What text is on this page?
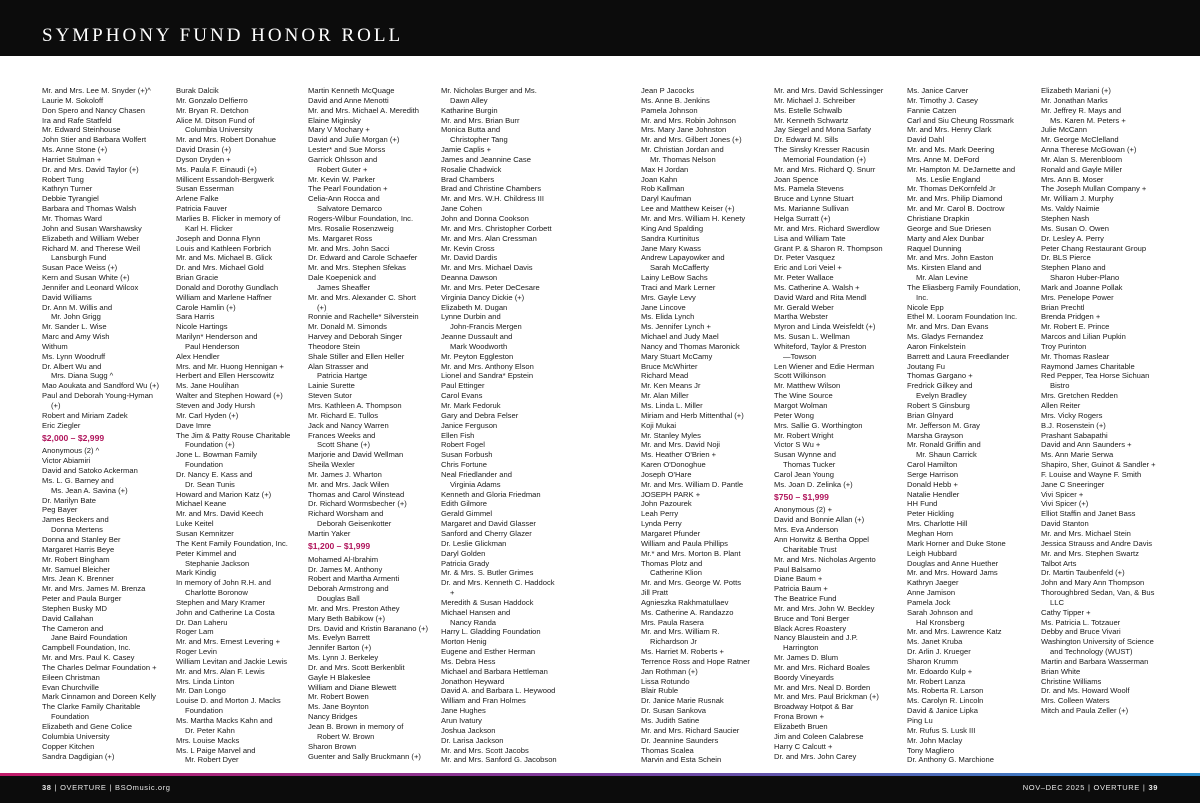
SYMPHONY FUND HONOR ROLL
Mr. and Mrs. Lee M. Snyder (+)^
Laurie M. Sokoloff
Don Spero and Nancy Chasen
Ira and Rafe Statfeld
Mr. Edward Steinhouse
John Stier and Barbara Wolfert
Ms. Anne Stone (+)
Harriet Stulman +
Dr. and Mrs. David Taylor (+)
Robert Tung
Kathryn Turner
Debbie Tyrangiel
Barbara and Thomas Walsh
Mr. Thomas Ward
John and Susan Warshawsky
Elizabeth and William Weber
Richard M. and Therese Weil
Lansburgh Fund
Susan Pace Weiss (+)
Kern and Susan White (+)
Jennifer and Leonard Wilcox
David Williams
Dr. Ann M. Willis and
Mr. John Grigg
Mr. Sander L. Wise
Marc and Amy Wish
Withum
Ms. Lynn Woodruff
Dr. Albert Wu and
Mrs. Diana Sugg ^
Mao Aoukata and Sandford Wu (+)
Paul and Deborah Young-Hyman
(+)
Robert and Miriam Zadek
Eric Ziegler
$2,000 – $2,999
Anonymous (2) ^
Victor Abiamiri
David and Satoko Ackerman
Ms. L. G. Barney and
Ms. Jean A. Savina (+)
Dr. Marilyn Bate
Peg Bayer
James Beckers and
Donna Mertens
Donna and Stanley Ber
Margaret Harris Beye
Mr. Robert Bingham
Mr. Samuel Bleicher
Mrs. Jean K. Brenner
Mr. and Mrs. James M. Brenza
Peter and Paula Burger
Stephen Busky MD
David Callahan
The Cameron and
Jane Baird Foundation
Campbell Foundation, Inc.
Mr. and Mrs. Paul K. Casey
The Charles Delmar Foundation +
Eileen Christman
Evan Churchville
Mark Cinnamon and Doreen Kelly
The Clarke Family Charitable
Foundation
Elizabeth and Gene Colice
Columbia University
Copper Kitchen
Sandra Dagdigian (+)
Burak Dalcik
Mr. Gonzalo Delfierro
Mr. Bryan R. Detchon
Alice M. Ditson Fund of
Columbia University
Mr. and Mrs. Robert Donahue
David Drasin (+)
Dyson Dryden +
Ms. Paula F. Einaudi (+)
Millicent Essandoh-Bergwerk
Susan Esserman
Arlene Falke
Patricia Fauver
Marlies B. Flicker in memory of
Karl H. Flicker
Joseph and Donna Flynn
Louis and Kathleen Forbrich
Mr. and Ms. Michael B. Glick
Dr. and Mrs. Michael Gold
Brian Gracie
Donald and Dorothy Gundlach
William and Marlene Haffner
Carole Hamlin (+)
Sara Harris
Nicole Hartings
Marilyn* Henderson and
Paul Henderson
Alex Hendler
Mrs. and Mr. Huong Hennigan +
Herbert and Ellen Herscowitz
Ms. Jane Houlihan
Walter and Stephen Howard (+)
Steven and Jody Hursh
Mr. Carl Hyden (+)
Dave Imre
The Jim & Patty Rouse Charitable
Foundation (+)
Jone L. Bowman Family
Foundation
Dr. Nancy E. Kass and
Dr. Sean Tunis
Howard and Marion Katz (+)
Michael Keane
Mr. and Mrs. David Keech
Luke Keitel
Susan Kemnitzer
The Kent Family Foundation, Inc.
Peter Kimmel and
Stephanie Jackson
Mark Kindig
In memory of John R.H. and
Charlotte Boronow
Stephen and Mary Kramer
John and Catherine La Costa
Dr. Dan Laheru
Roger Lam
Mr. and Mrs. Ernest Levering +
Roger Levin
William Levitan and Jackie Lewis
Mr. and Mrs. Alan F. Lewis
Mrs. Linda Linton
Mr. Dan Longo
Louise D. and Morton J. Macks
Foundation
Ms. Martha Macks Kahn and
Dr. Peter Kahn
Mrs. Louise Macks
Ms. L Paige Marvel and
Mr. Robert Dyer
Martin Kenneth McQuage
David and Anne Menotti
Mr. and Mrs. Michael A. Meredith
Elaine Miginsky
Mary V Mochary +
David and Julie Morgan (+)
Lester* and Sue Morss
Garrick Ohlsson and
Robert Guter +
Mr. Kevin W. Parker
The Pearl Foundation +
Celia-Ann Rocca and
Salvatore Demarco
Rogers-Wilbur Foundation, Inc.
Mrs. Rosalie Rosenzweig
Ms. Margaret Ross
Mr. and Mrs. John Sacci
Dr. Edward and Carole Schaefer
Mr. and Mrs. Stephen Sfekas
Dale Koepenick and
James Sheaffer
Mr. and Mrs. Alexander C. Short
(+)
Ronnie and Rachelle* Silverstein
Mr. Donald M. Simonds
Harvey and Deborah Singer
Theodore Stein
Shale Stiller and Ellen Heller
Alan Strasser and
Patricia Hartge
Lainie Surette
Steven Sutor
Mrs. Kathleen A. Thompson
Mr. Richard E. Tullos
Jack and Nancy Warren
Frances Weeks and
Scott Shane (+)
Marjorie and David Wellman
Sheila Wexler
Mr. James J. Wharton
Mr. and Mrs. Jack Wilen
Thomas and Carol Winstead
Dr. Richard Wormsbecher (+)
Richard Worsham and
Deborah Geisenkotter
Martin Yaker
$1,200 – $1,999
Mohamed Al-Ibrahim
Dr. James M. Anthony
Robert and Martha Armenti
Deborah Armstrong and
Douglas Ball
Mr. and Mrs. Preston Athey
Mary Beth Babikow (+)
Drs. David and Kristin Baranano (+)
Ms. Evelyn Barrett
Jennifer Barton (+)
Ms. Lynn J. Berkeley
Dr. and Mrs. Scott Berkenblit
Gayle H Blakeslee
William and Diane Blewett
Mr. Robert Bowen
Ms. Jane Boynton
Nancy Bridges
Jean B. Brown in memory of
Robert W. Brown
Sharon Brown
Guenter and Sally Bruckmann (+)
Mr. Nicholas Burger and Ms.
Dawn Alley
Katharine Burgin
Mr. and Mrs. Brian Burr
Monica Butta and
Christopher Tang
Jamie Caplis +
James and Jeannine Case
Rosalie Chadwick
Brad Chambers
Brad and Christine Chambers
Mr. and Mrs. W.H. Childress III
Jane Cohen
John and Donna Cookson
Mr. and Mrs. Christopher Corbett
Mr. and Mrs. Alan Cressman
Mr. Kevin Cross
Mr. David Dardis
Mr. and Mrs. Michael Davis
Deanna Dawson
Mr. and Mrs. Peter DeCesare
Virginia Dancy Dickie (+)
Elizabeth M. Dugan
Lynne Durbin and
John-Francis Mergen
Jeanne Dussault and
Mark Woodworth
Mr. Peyton Eggleston
Mr. and Mrs. Anthony Elson
Lionel and Sandra* Epstein
Paul Ettinger
Carol Evans
Mr. Mark Fedoruk
Gary and Debra Felser
Janice Ferguson
Ellen Fish
Robert Fogel
Susan Forbush
Chris Fortune
Neal Friedlander and
Virginia Adams
Kenneth and Gloria Friedman
Edith Gilmore
Gerald Gimmel
Margaret and David Glasser
Sanford and Cherry Glazer
Dr. Leslie Glickman
Daryl Golden
Patricia Grady
Mr. & Mrs. S. Butler Grimes
Dr. and Mrs. Kenneth C. Haddock
+
Meredith & Susan Haddock
Michael Hansen and
Nancy Randa
Harry L. Gladding Foundation
Morton Henig
Eugene and Esther Herman
Ms. Debra Hess
Michael and Barbara Hettleman
Jonathon Heyward
David A. and Barbara L. Heywood
William and Fran Holmes
Jane Hughes
Arun Ivatury
Joshua Jackson
Dr. Larisa Jackson
Mr. and Mrs. Scott Jacobs
Mr. and Mrs. Sanford G. Jacobson
Jean P Jacocks
Ms. Anne B. Jenkins
Pamela Johnson
Mr. and Mrs. Robin Johnson
Mrs. Mary Jane Johnston
Mr. and Mrs. Gilbert Jones (+)
Mr. Christian Jordan and
Mr. Thomas Nelson
Max H Jordan
Joan Kahn
Rob Kallman
Daryl Kaufman
Lee and Matthew Keiser (+)
Mr. and Mrs. William H. Kenety
King And Spalding
Sandra Kurtinitus
Jane Mary Kwass
Andrew Lapayowker and
Sarah McCafferty
Lainy LeBow Sachs
Traci and Mark Lerner
Mrs. Gayle Levy
Jane Lincove
Ms. Elida Lynch
Ms. Jennifer Lynch +
Michael and Judy Mael
Nancy and Thomas Maronick
Mary Stuart McCamy
Bruce McWhirter
Richard Mead
Mr. Ken Means Jr
Mr. Alan Miller
Ms. Linda L. Miller
Miriam and Herb Mittenthal (+)
Koji Mukai
Mr. Stanley Myles
Mr. and Mrs. David Noji
Ms. Heather O'Brien +
Karen O'Donoghue
Joseph O'Hare
Mr. and Mrs. William D. Pantle
JOSEPH PARK +
John Pazourek
Leah Perry
Lynda Perry
Margaret Pfunder
William and Paula Phillips
Mr.* and Mrs. Morton B. Plant
Thomas Plotz and
Catherine Klion
Mr. and Mrs. George W. Potts
Jill Pratt
Agnieszka Rakhmatullaev
Ms. Catherine A. Randazzo
Mrs. Paula Rasera
Mr. and Mrs. William R.
Richardson Jr
Ms. Harriet M. Roberts +
Terrence Ross and Hope Ratner
Jan Rothman (+)
Lissa Rotundo
Blair Ruble
Dr. Janice Marie Rusnak
Dr. Susan Sankova
Ms. Judith Satine
Mr. and Mrs. Richard Saucier
Dr. Jeannine Saunders
Thomas Scalea
Marvin and Esta Schein
Mr. and Mrs. David Schlessinger
Mr. Michael J. Schreiber
Ms. Estelle Schwalb
Mr. Kenneth Schwartz
Jay Siegel and Mona Sarfaty
Dr. Edward M. Sills
The Sinsky Kresser Racusin
Memorial Foundation (+)
Mr. and Mrs. Richard Q. Snurr
Joan Spence
Ms. Pamela Stevens
Bruce and Lynne Stuart
Ms. Marianne Sullivan
Helga Surratt (+)
Mr. and Mrs. Richard Swerdlow
Lisa and William Tate
Grant P. & Sharon R. Thompson
Dr. Peter Vasquez
Eric and Lori Veiel +
Mr. Peter Wallace
Ms. Catherine A. Walsh +
David Ward and Rita Mendl
Mr. Gerald Weber
Martha Webster
Myron and Linda Weisfeldt (+)
Ms. Susan L. Wellman
Whiteford, Taylor & Preston
—Towson
Len Wiener and Edie Herman
Scott Wilkinson
Mr. Matthew Wilson
The Wine Source
Margot Wolman
Peter Wong
Mrs. Sallie G. Worthington
Mr. Robert Wright
Victor S Wu +
Susan Wynne and
Thomas Tucker
Carol Jean Young
Ms. Joan D. Zelinka (+)
$750 – $1,999
Anonymous (2) +
David and Bonnie Allan (+)
Mrs. Eva Anderson
Ann Horwitz & Bertha Oppel
Charitable Trust
Mr. and Mrs. Nicholas Argento
Paul Balsamo
Diane Baum +
Patricia Baum +
The Beatrice Fund
Mr. and Mrs. John W. Beckley
Bruce and Toni Berger
Black Acres Roastery
Nancy Blaustein and J.P.
Harrington
Mr. James D. Blum
Mr. and Mrs. Richard Boales
Boordy Vineyards
Mr. and Mrs. Neal D. Borden
Mr. and Mrs. Paul Brickman (+)
Broadway Hotpot & Bar
Frona Brown +
Elizabeth Bruen
Jim and Coleen Calabrese
Harry C Calcutt +
Dr. and Mrs. John Carey
Ms. Janice Carver
Mr. Timothy J. Casey
Fannie Catzen
Carl and Siu Cheung Rossmark
Mr. and Mrs. Henry Clark
David Dahl
Mr. and Ms. Mark Deering
Mrs. Anne M. DeFord
Mr. Hampton M. DeJarnette and
Ms. Leslie England
Mr. Thomas DeKornfeld Jr
Mr. and Mrs. Philip Diamond
Mr. and Mr. Carol B. Doctrow
Christiane Drapkin
George and Sue Driesen
Marty and Alex Dunbar
Raquel Dunning
Mr. and Mrs. John Easton
Ms. Kirsten Eland and
Mr. Alan Levine
The Eliasberg Family Foundation,
Inc.
Nicole Epp
Ethel M. Looram Foundation Inc.
Mr. and Mrs. Dan Evans
Ms. Gladys Fernandez
Aaron Finkelstein
Barrett and Laura Freedlander
Joutang Fu
Thomas Gargano +
Fredrick Gilkey and
Evelyn Bradley
Robert S Ginsburg
Brian Glnyard
Mr. Jefferson M. Gray
Marsha Grayson
Mr. Ronald Griffin and
Mr. Shaun Carrick
Carol Hamilton
Serge Harrison
Donald Hebb +
Natalie Hendler
HH Fund
Peter Hickling
Mrs. Charlotte Hill
Meghan Horn
Mark Horner and Duke Stone
Leigh Hubbard
Douglas and Anne Huether
Mr. and Mrs. Howard Jams
Kathryn Jaeger
Anne Jamison
Pamela Jock
Sarah Johnson and
Hal Kronsberg
Mr. and Mrs. Lawrence Katz
Ms. Janet Kruba
Dr. Arlin J. Krueger
Sharon Krumm
Mr. Edoardo Kulp +
Mr. Robert Lanza
Ms. Roberta R. Larson
Ms. Carolyn R. Lincoln
David & Janice Lipka
Ping Lu
Mr. Rufus S. Lusk III
Mr. John Maclay
Tony Magliero
Dr. Anthony G. Marchione
Elizabeth Mariani (+)
Mr. Jonathan Marks
Mr. Jeffrey R. Mays and
Ms. Karen M. Peters +
Julie McCann
Mr. George McClelland
Anna Therese McGowan (+)
Mr. Alan S. Merenbloom
Ronald and Gayle Miller
Mrs. Ann B. Moser
The Joseph Mullan Company +
Mr. William J. Murphy
Ms. Valdy Naimie
Stephen Nash
Ms. Susan O. Owen
Dr. Lesley A. Perry
Peter Chang Restaurant Group
Dr. BLS Pierce
Stephen Plano and
Sharon Huber-Plano
Mark and Joanne Pollak
Mrs. Penelope Power
Brian Prechtl
Brenda Pridgen +
Mr. Robert E. Prince
Marcos and Lilian Pupkin
Troy Purinton
Mr. Thomas Raslear
Raymond James Charitable
Red Pepper, Tea Horse Sichuan
Bistro
Mrs. Gretchen Redden
Allen Reiter
Mrs. Vicky Rogers
B.J. Rosenstein (+)
Prashant Sabapathi
David and Ann Saunders +
Ms. Ann Marie Serwa
Shapiro, Sher, Guinot & Sandler +
F. Louise and Wayne F. Smith
Jane C Sneeringer
Vivi Spicer +
Vivi Spicer (+)
Elliot Staffin and Janet Bass
David Stanton
Mr. and Mrs. Michael Stein
Jessica Strauss and Andre Davis
Mr. and Mrs. Stephen Swartz
Talbot Arts
Dr. Martin Taubenfeld (+)
John and Mary Ann Thompson
Thoroughbred Sedan, Van, & Bus
LLC
Cathy Tipper +
Ms. Patricia L. Totzauer
Debby and Bruce Vivari
Washington University of Science
and Technology (WUST)
Martin and Barbara Wasserman
Brian White
Christine Williams
Dr. and Ms. Howard Woolf
Mrs. Colleen Waters
Mitch and Paula Zeller (+)
38 | OVERTURE | BSOmusic.org	NOV–DEC 2025 | OVERTURE | 39
